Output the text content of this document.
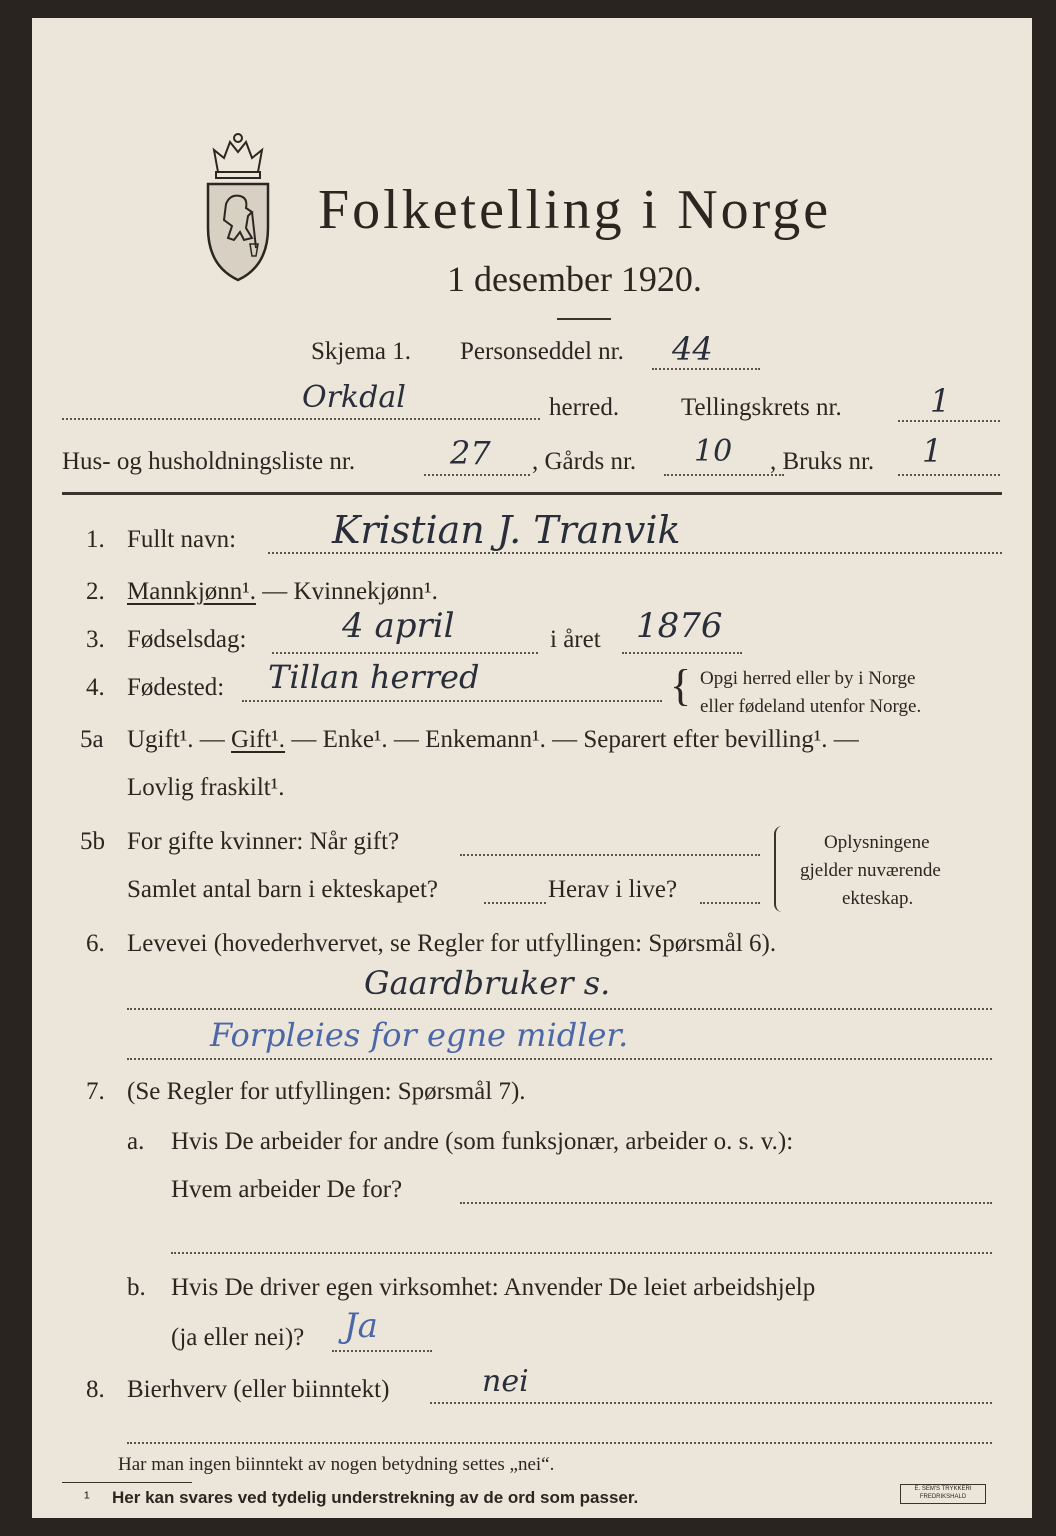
Folketelling i Norge
1 desember 1920.
Skjema 1. Personseddel nr. 44
Orkdal	herred. Tellingskrets nr.	1
Hus- og husholdningsliste nr.	27 , Gårds nr. 10 , Bruks nr. 1
1. Fullt navn:	Kristian J. Tranvik
2. Mannkjønn¹. — Kvinnekjønn¹.
3. Fødselsdag:	4 april	i året 1876
4. Fødested: Tillan herred	{ Opgi herred eller by i Norge
eller fødeland utenfor Norge.
5a Ugift¹. — Gift¹. — Enke¹. — Enkemann¹. — Separert efter bevilling¹. —
Lovlig fraskilt¹.
5b For gifte kvinner: Når gift?
Samlet antal barn i ekteskapet?	Herav i live?
Oplysningene
gjelder nuværende
ekteskap.
6. Levevei (hovederhvervet, se Regler for utfyllingen: Spørsmål 6).
Gaardbruker s.
Forpleies for egne midler.
7. (Se Regler for utfyllingen: Spørsmål 7).
a. Hvis De arbeider for andre (som funksjonær, arbeider o. s. v.):
Hvem arbeider De for?
b. Hvis De driver egen virksomhet: Anvender De leiet arbeidshjelp
(ja eller nei)? Ja
8. Bierhverv (eller biinntekt)	nei
Har man ingen biinntekt av nogen betydning settes „nei“.
¹ Her kan svares ved tydelig understrekning av de ord som passer.	E. SEM'S TRYKKERI
FREDRIKSHALD
